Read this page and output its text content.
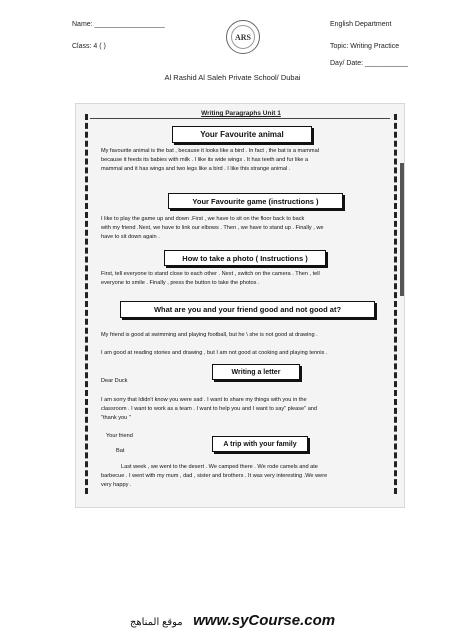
Name: __________________
Class: 4 ( )
ARS
English Department
Topic: Writing Practice
Day/ Date: ___________
Al Rashid Al Saleh Private School/ Dubai
Writing Paragraphs Unit 1
Your Favourite animal
My favourite animal is the bat , because it looks like a bird . In fact , the bat is a mammal
because it feeds its babies with milk . I like its wide wings . It has teeth and fur like a
mammal and it has wings and two legs like a bird . I like this strange animal .
Your Favourite game (instructions )
I like to play the game up and down .First , we have to sit on the floor back to back
with my friend .Next, we have to link our elbows . Then , we have to stand up . Finally , we
have to sit down again .
How to take a photo ( Instructions )
First, tell everyone to stand close to each other . Next , switch on the camera . Then , tell
everyone to smile . Finally , press the button to take the photos .
What are you and your friend good and not good at?
My friend is good at swimming and playing football, but he \ she is not good at drawing .
I am good at reading stories and drawing , but I am not good at cooking and playing tennis .
Writing a letter
Dear Duck
I am sorry that Ididn't know you were sad . I want to share my things with you in the
classroom . I want to work as a team . I want to help you and I want to say" please" and
"thank you "
Your friend
Bat
A trip with your family
Last week , we went to the desert . We camped there . We rode camels and ate
barbecue . I went with my mum , dad , sister and brothers . It was very interesting .We were
very happy .
موقع المناهج www.syCourse.com
